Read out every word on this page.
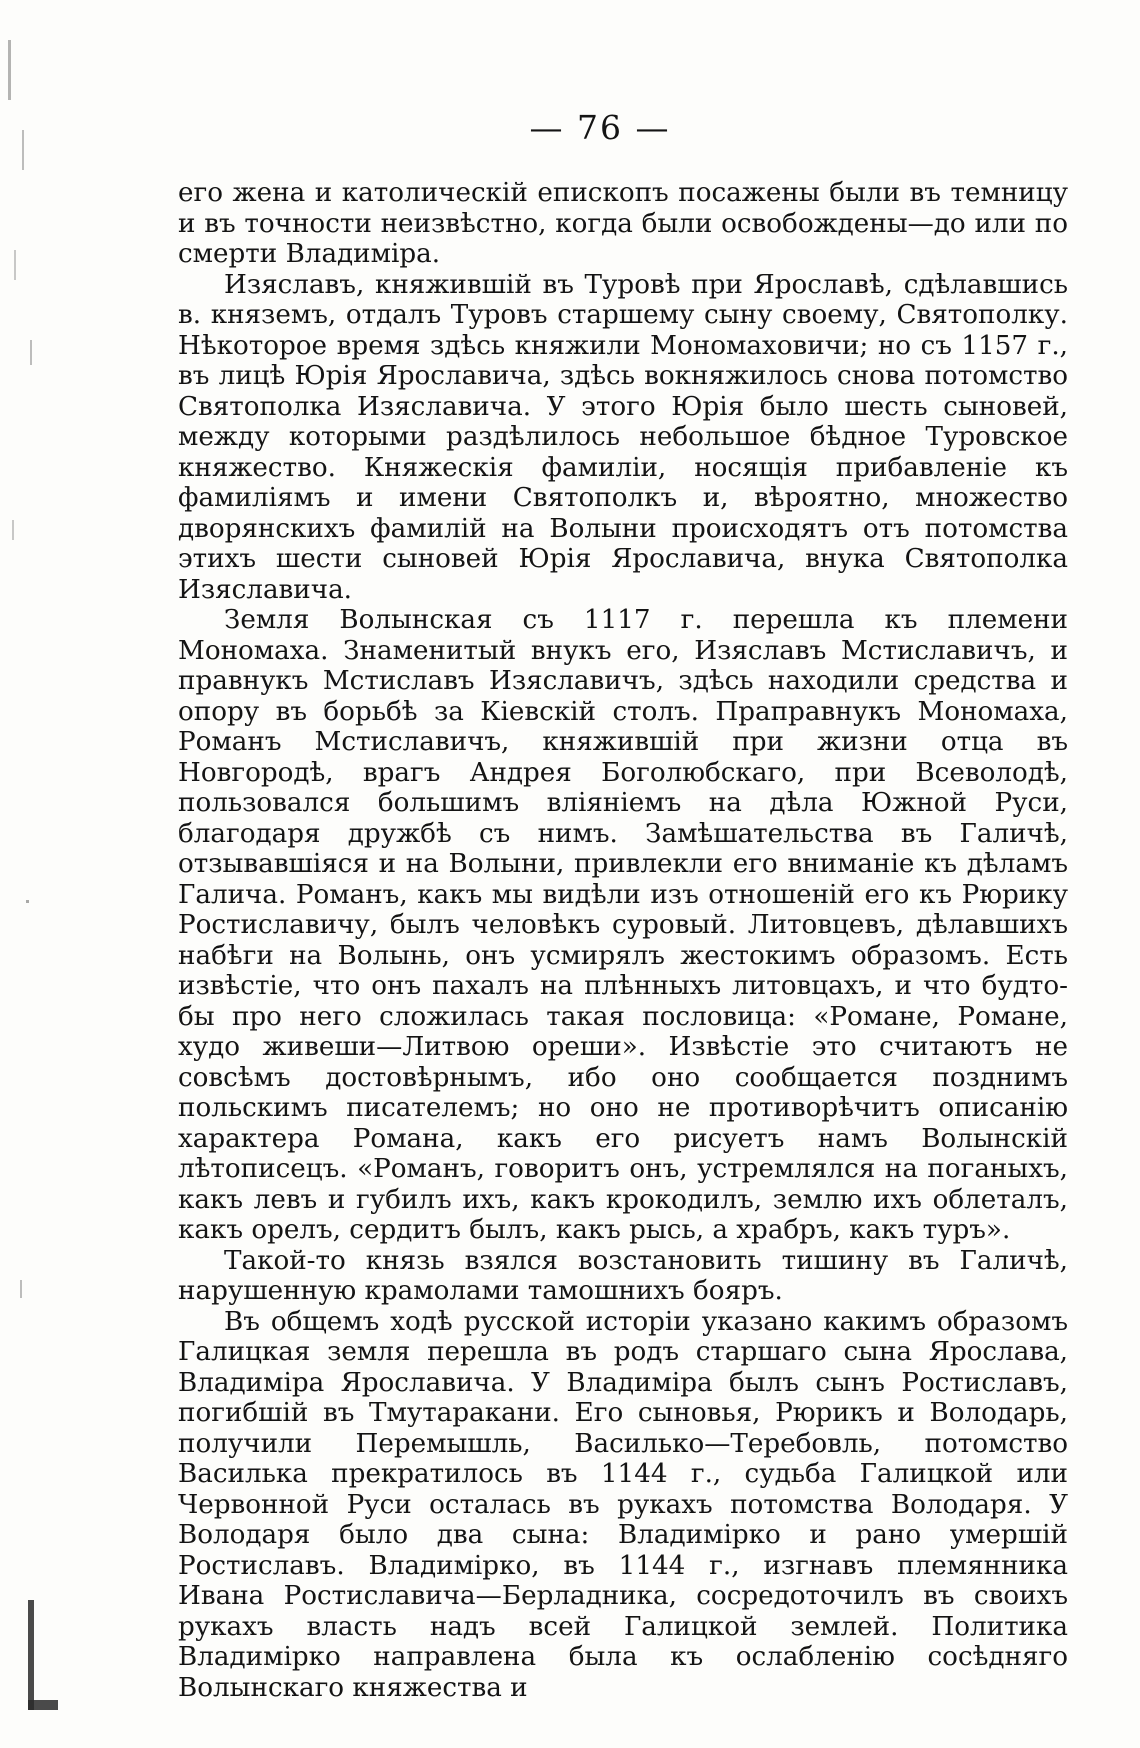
— 76 —

его жена и католическій епископъ посажены были въ темницу и въ точности неизвѣстно, когда были освобождены—до или по смерти Владиміра.

Изяславъ, княжившій въ Туровѣ при Ярославѣ, сдѣлавшись в. княземъ, отдалъ Туровъ старшему сыну своему, Святополку. Нѣкоторое время здѣсь княжили Мономаховичи; но съ 1157 г., въ лицѣ Юрія Ярославича, здѣсь вокняжилось снова потомство Святополка Изяславича. У этого Юрія было шесть сыновей, между которыми раздѣлилось небольшое бѣдное Туровское княжество. Княжескія фамиліи, носящія прибавленіе къ фамиліямъ и имени Святополкъ и, вѣроятно, множество дворянскихъ фамилій на Волыни происходятъ отъ потомства этихъ шести сыновей Юрія Ярославича, внука Святополка Изяславича.

Земля Волынская съ 1117 г. перешла къ племени Мономаха. Знаменитый внукъ его, Изяславъ Мстиславичъ, и правнукъ Мстиславъ Изяславичъ, здѣсь находили средства и опору въ борьбѣ за Кіевскій столъ. Праправнукъ Мономаха, Романъ Мстиславичъ, княжившій при жизни отца въ Новгородѣ, врагъ Андрея Боголюбскаго, при Всеволодѣ, пользовался большимъ вліяніемъ на дѣла Южной Руси, благодаря дружбѣ съ нимъ. Замѣшательства въ Галичѣ, отзывавшіяся и на Волыни, привлекли его вниманіе къ дѣламъ Галича. Романъ, какъ мы видѣли изъ отношеній его къ Рюрику Ростиславичу, былъ человѣкъ суровый. Литовцевъ, дѣлавшихъ набѣги на Волынь, онъ усмирялъ жестокимъ образомъ. Есть извѣстіе, что онъ пахалъ на плѣнныхъ литовцахъ, и что будто-бы про него сложилась такая пословица: «Романе, Романе, худо живеши—Литвою ореши». Извѣстіе это считаютъ не совсѣмъ достовѣрнымъ, ибо оно сообщается позднимъ польскимъ писателемъ; но оно не противорѣчитъ описанію характера Романа, какъ его рисуетъ намъ Волынскій лѣтописецъ. «Романъ, говоритъ онъ, устремлялся на поганыхъ, какъ левъ и губилъ ихъ, какъ крокодилъ, землю ихъ облеталъ, какъ орелъ, сердитъ былъ, какъ рысь, а храбръ, какъ туръ».

Такой-то князь взялся возстановить тишину въ Галичѣ, нарушенную крамолами тамошнихъ бояръ.

Въ общемъ ходѣ русской исторіи указано какимъ образомъ Галицкая земля перешла въ родъ старшаго сына Ярослава, Владиміра Ярославича. У Владиміра былъ сынъ Ростиславъ, погибшій въ Тмутаракани. Его сыновья, Рюрикъ и Володарь, получили Перемышль, Василько—Теребовль, потомство Василька прекратилось въ 1144 г., судьба Галицкой или Червонной Руси осталась въ рукахъ потомства Володаря. У Володаря было два сына: Владимірко и рано умершій Ростиславъ. Владимірко, въ 1144 г., изгнавъ племянника Ивана Ростиславича—Берладника, сосредоточилъ въ своихъ рукахъ власть надъ всей Галицкой землей. Политика Владимірко направлена была къ ослабленію сосѣдняго Волынскаго княжества и
